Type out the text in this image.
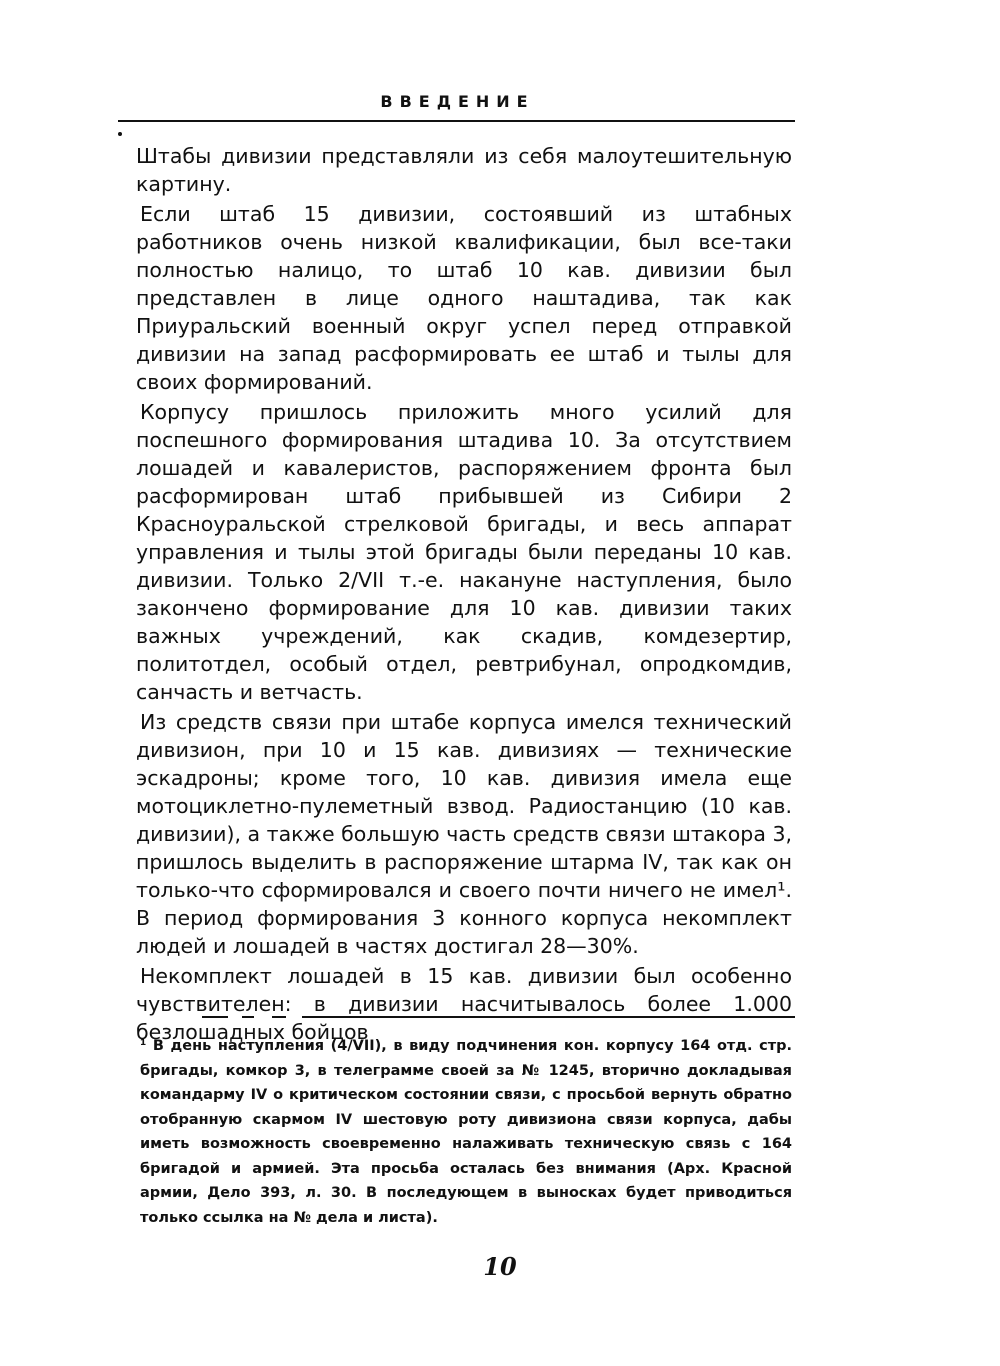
ВВЕДЕНИЕ

Штабы дивизии представляли из себя малоутешительную картину.

Если штаб 15 дивизии, состоявший из штабных работников очень низкой квалификации, был все-таки полностью налицо, то штаб 10 кав. дивизии был представлен в лице одного наштадива, так как Приуральский военный округ успел перед отправкой дивизии на запад расформировать ее штаб и тылы для своих формирований.

Корпусу пришлось приложить много усилий для поспешного формирования штадива 10. За отсутствием лошадей и кавалеристов, распоряжением фронта был расформирован штаб прибывшей из Сибири 2 Красноуральской стрелковой бригады, и весь аппарат управления и тылы этой бригады были переданы 10 кав. дивизии. Только 2/VII т.-е. накануне наступления, было закончено формирование для 10 кав. дивизии таких важных учреждений, как скадив, комдезертир, политотдел, особый отдел, ревтрибунал, опродкомдив, санчасть и ветчасть.

Из средств связи при штабе корпуса имелся технический дивизион, при 10 и 15 кав. дивизиях — технические эскадроны; кроме того, 10 кав. дивизия имела еще мотоциклетно-пулеметный взвод. Радиостанцию (10 кав. дивизии), а также большую часть средств связи штакора 3, пришлось выделить в распоряжение штарма IV, так как он только-что сформировался и своего почти ничего не имел¹. В период формирования 3 конного корпуса некомплект людей и лошадей в частях достигал 28—30%.

Некомплект лошадей в 15 кав. дивизии был особенно чувствителен: в дивизии насчитывалось более 1.000 безлошадных бойцов

¹ В день наступления (4/VII), в виду подчинения кон. корпусу 164 отд. стр. бригады, комкор 3, в телеграмме своей за № 1245, вторично докладывая командарму IV о критическом состоянии связи, с просьбой вернуть обратно отобранную скармом IV шестовую роту дивизиона связи корпуса, дабы иметь возможность своевременно налаживать техническую связь с 164 бригадой и армией. Эта просьба осталась без внимания (Арх. Красной армии, Дело 393, л. 30. В последующем в выносках будет приводиться только ссылка на № дела и листа).
10
